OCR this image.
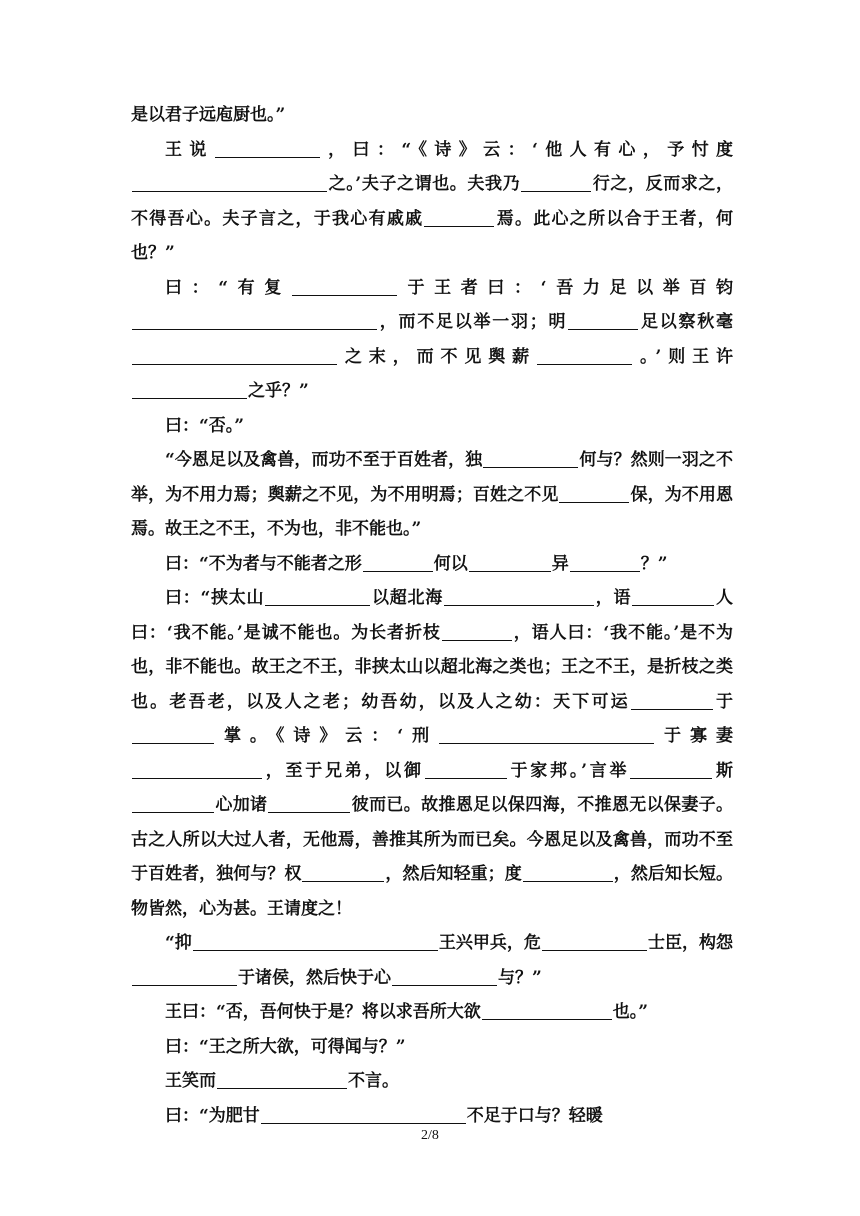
是以君子远庖厨也。”

王说	，曰：“《诗》云：‘他人有心，予忖度之。’夫子之谓也。夫我乃	行之，反而求之，不得吾心。夫子言之，于我心有戚戚	焉。此心之所以合于王者，何也？”

曰：“有复	于王者曰：‘吾力足以举百钧，而不足以举一羽；明	足以察秋毫之末，而不见舆薪	。’则王许之乎？”

曰：“否。”

“今恩足以及禽兽，而功不至于百姓者，独	何与？然则一羽之不举，为不用力焉；舆薪之不见，为不用明焉；百姓之不见	保，为不用恩焉。故王之不王，不为也，非不能也。”

曰：“不为者与不能者之形	何以	异	？”

曰：“挟太山	以超北海	，语	人曰：‘我不能。’是诚不能也。为长者折枝	，语人曰：‘我不能。’是不为也，非不能也。故王之不王，非挟太山以超北海之类也；王之不王，是折枝之类也。老吾老，以及人之老；幼吾幼，以及人之幼：天下可运	于掌。《诗》云：‘刑	于寡妻，至于兄弟，以御	于家邦。’言举	斯心加诸	彼而已。故推恩足以保四海，不推恩无以保妻子。古之人所以大过人者，无他焉，善推其所为而已矣。今恩足以及禽兽，而功不至于百姓者，独何与？权	，然后知轻重；度	，然后知长短。物皆然，心为甚。王请度之！

“抑	王兴甲兵，危	士臣，构怨于诸侯，然后快于心	与？”

王曰：“否，吾何快于是？将以求吾所大欲	也。”

曰：“王之所大欲，可得闻与？”

王笑而	不言。

曰：“为肥甘	不足于口与？轻暖

2/8
